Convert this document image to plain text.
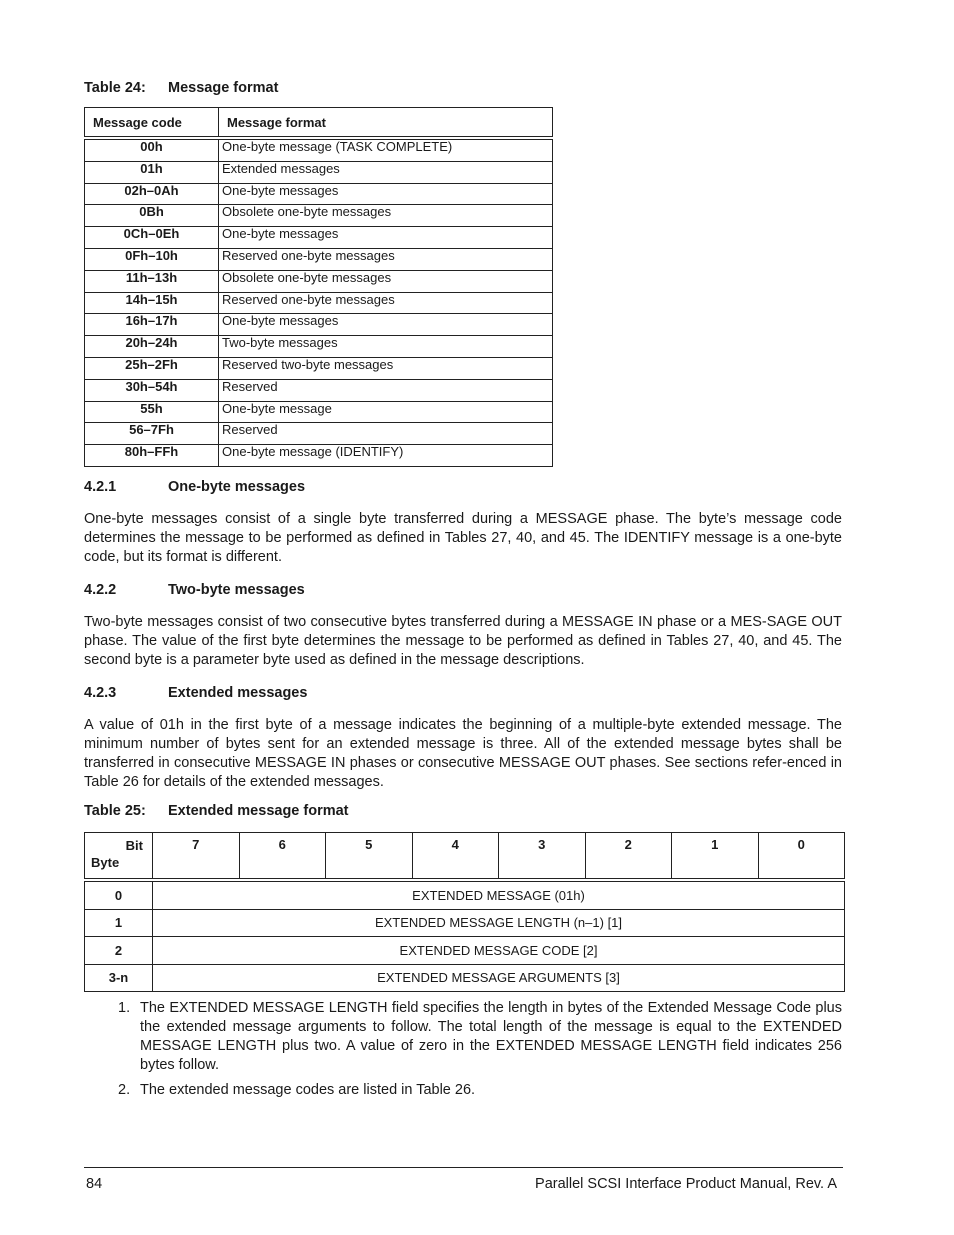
Table 24: Message format
Message code	Message format
00h	One-byte message (TASK COMPLETE)
01h	Extended messages
02h–0Ah	One-byte messages
0Bh	Obsolete one-byte messages
0Ch–0Eh	One-byte messages
0Fh–10h	Reserved one-byte messages
11h–13h	Obsolete one-byte messages
14h–15h	Reserved one-byte messages
16h–17h	One-byte messages
20h–24h	Two-byte messages
25h–2Fh	Reserved two-byte messages
30h–54h	Reserved
55h	One-byte message
56–7Fh	Reserved
80h–FFh	One-byte message (IDENTIFY)
4.2.1	One-byte messages

One-byte messages consist of a single byte transferred during a MESSAGE phase. The byte’s message code determines the message to be performed as defined in Tables 27, 40, and 45. The IDENTIFY message is a one-byte code, but its format is different.

4.2.2	Two-byte messages

Two-byte messages consist of two consecutive bytes transferred during a MESSAGE IN phase or a MES-SAGE OUT phase. The value of the first byte determines the message to be performed as defined in Tables 27, 40, and 45. The second byte is a parameter byte used as defined in the message descriptions.

4.2.3	Extended messages

A value of 01h in the first byte of a message indicates the beginning of a multiple-byte extended message. The minimum number of bytes sent for an extended message is three. All of the extended message bytes shall be transferred in consecutive MESSAGE IN phases or consecutive MESSAGE OUT phases. See sections refer-enced in Table 26 for details of the extended messages.

Table 25: Extended message format
Bit
Byte	7	6	5	4	3	2	1	0
0	EXTENDED MESSAGE (01h)							
1	EXTENDED MESSAGE LENGTH (n–1) [1]							
2	EXTENDED MESSAGE CODE [2]							
3-n	EXTENDED MESSAGE ARGUMENTS [3]							
1. The EXTENDED MESSAGE LENGTH field specifies the length in bytes of the Extended Message Code plus the extended message arguments to follow. The total length of the message is equal to the EXTENDED MESSAGE LENGTH plus two. A value of zero in the EXTENDED MESSAGE LENGTH field indicates 256 bytes follow.
2. The extended message codes are listed in Table 26.
84	Parallel SCSI Interface Product Manual, Rev. A
